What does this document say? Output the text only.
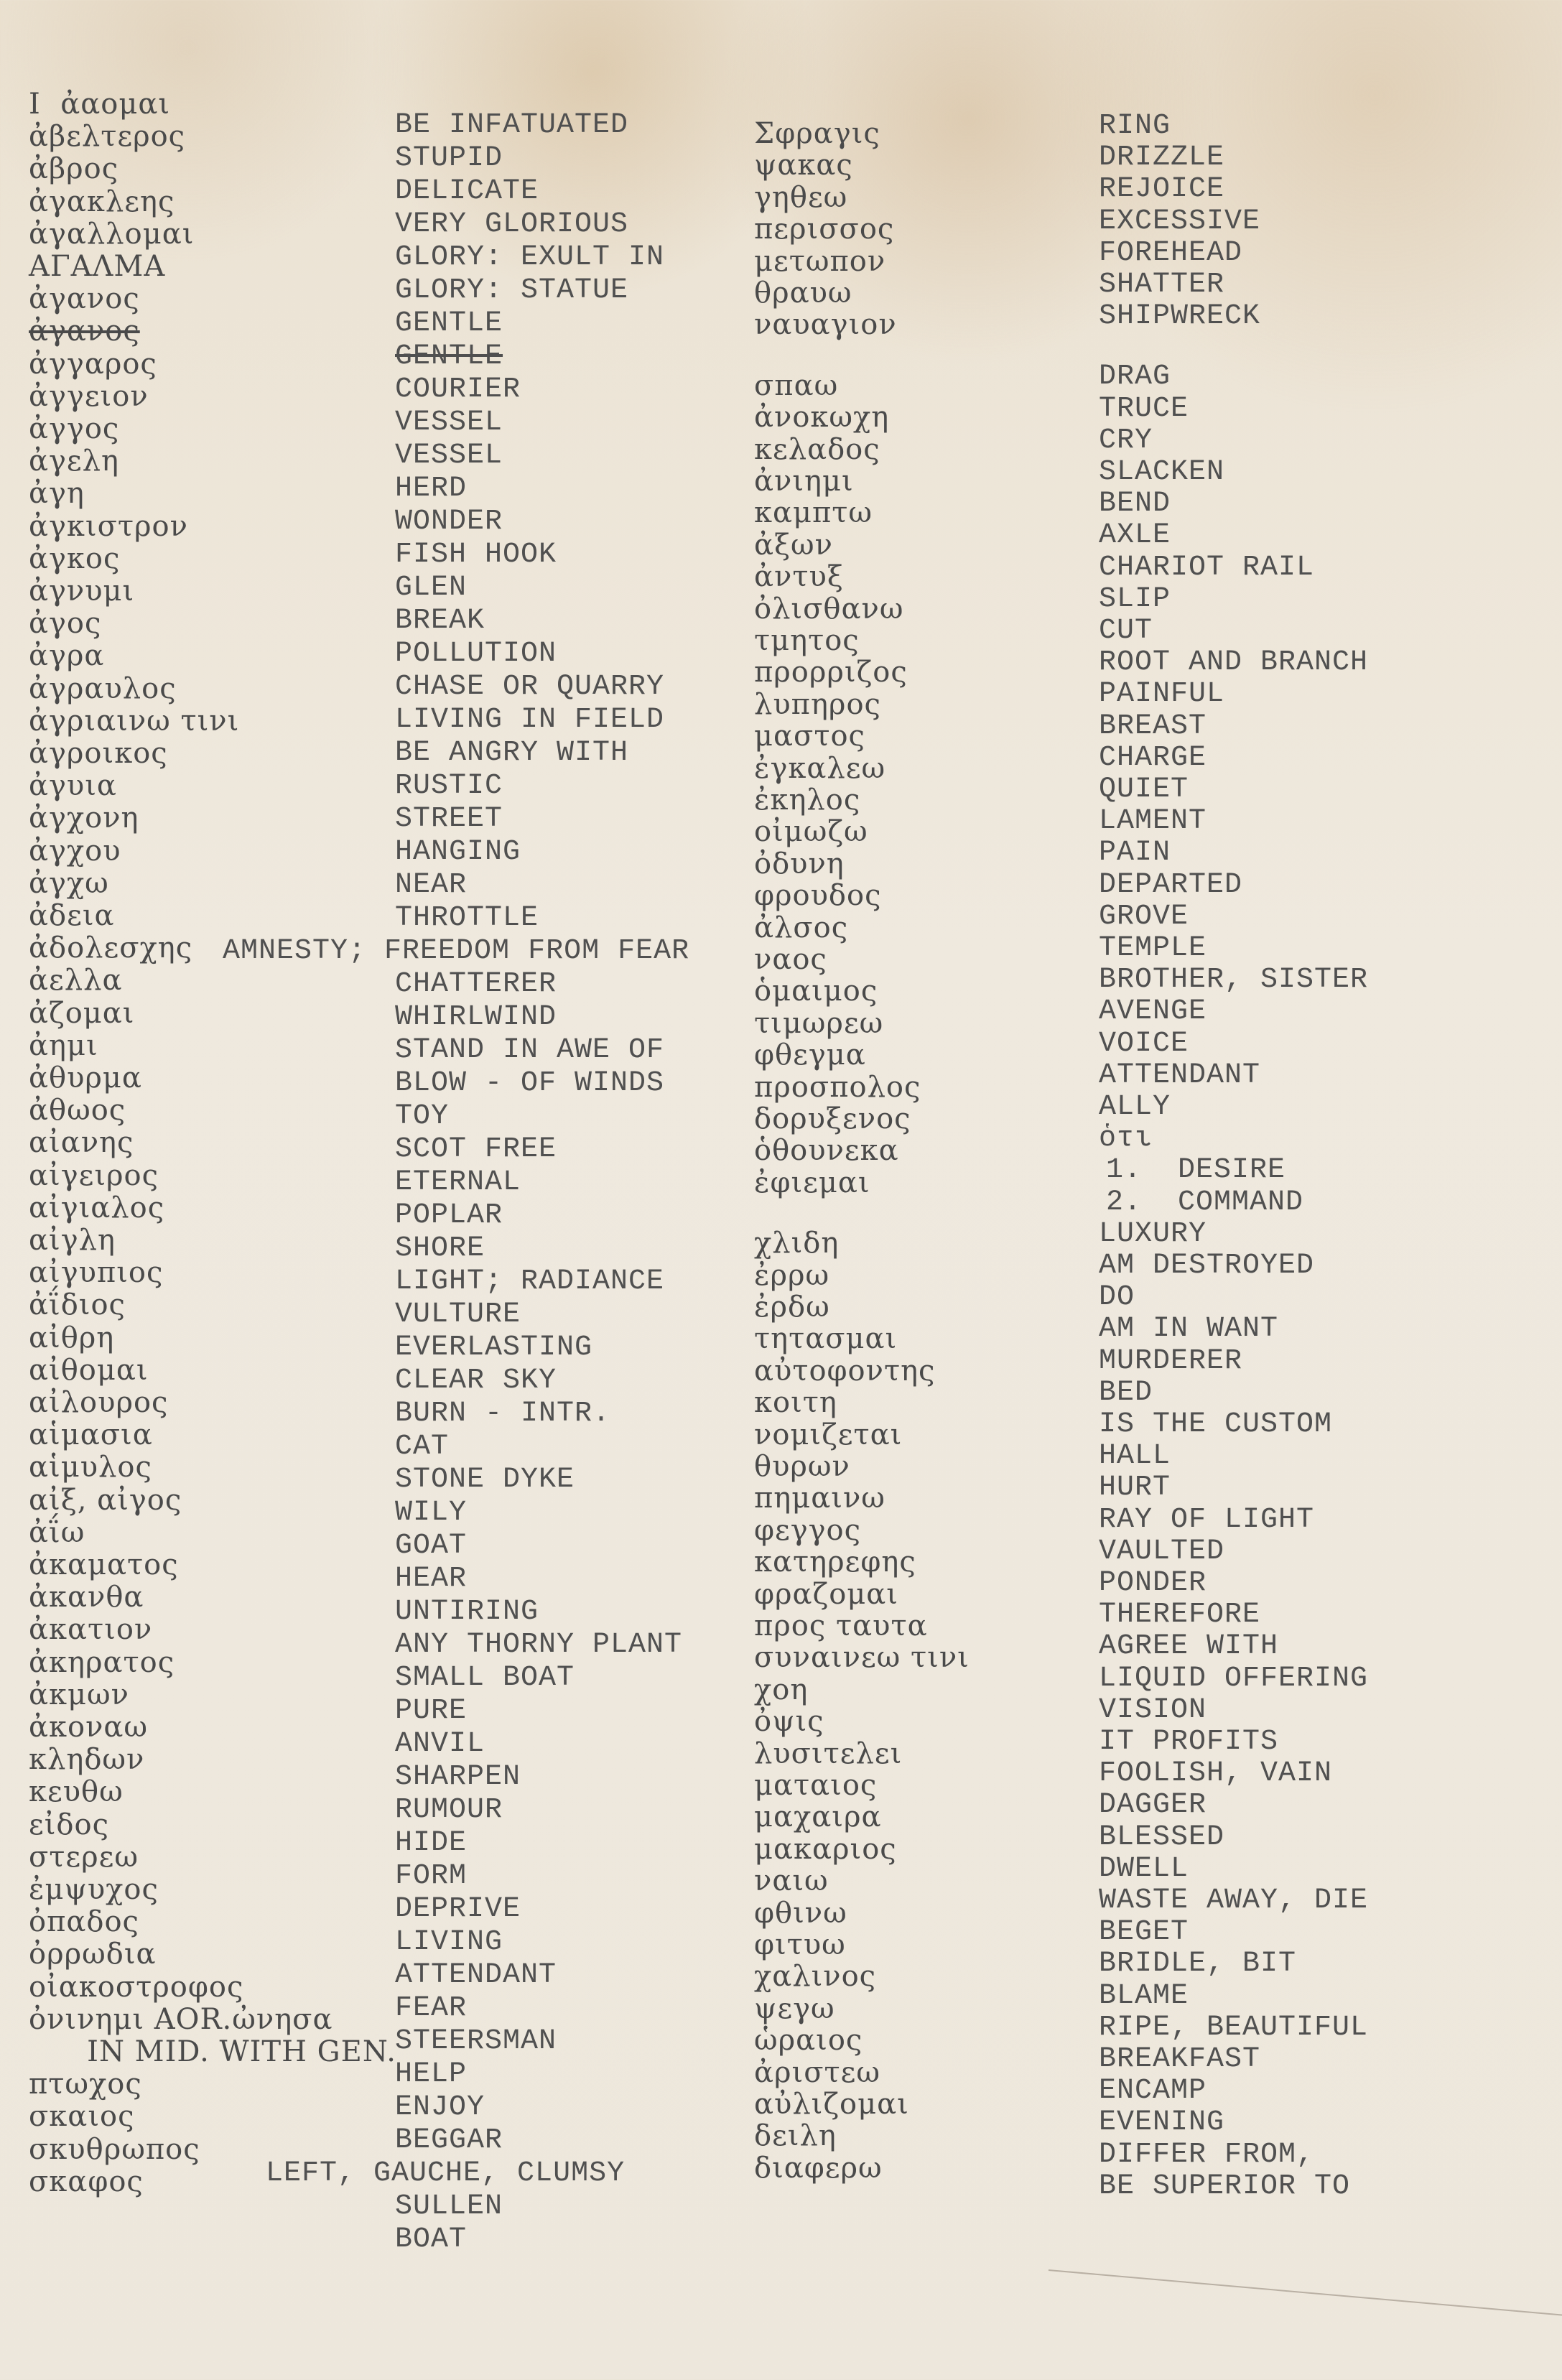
I  ἀαομαι
ἀβελτερος
ἀβρος
ἀγακλεης
ἀγαλλομαι
ΑΓΑΛΜΑ
ἀγανος
ἀγανος
ἀγγαρος
ἀγγειον
ἀγγος
ἀγελη
ἀγη
ἀγκιστρον
ἀγκος
ἀγνυμι
ἀγος
ἀγρα
ἀγραυλος
ἀγριαινω τινι
ἀγροικος
ἀγυια
ἀγχονη
ἀγχου
ἀγχω
ἀδεια
ἀδολεσχης
ἀελλα
ἀζομαι
ἀημι
ἀθυρμα
ἀθωος
αἰανης
αἰγειρος
αἰγιαλος
αἰγλη
αἰγυπιος
ἀΐδιος
αἰθρη
αἰθομαι
αἰλουρος
αἱμασια
αἱμυλος
αἰξ, αἰγος
ἀΐω
ἀκαματος
ἀκανθα
ἀκατιον
ἀκηρατος
ἀκμων
ἀκοναω
κληδων
κευθω
εἰδος
στερεω
ἐμψυχος
ὀπαδος
ὀρρωδια
οἰακοστροφος
ὀνινημι AOR.ὠνησα
IN MID. WITH GEN.
πτωχος
σκαιος
σκυθρωπος
σκαφος
BE INFATUATED
STUPID
DELICATE
VERY GLORIOUS
GLORY: EXULT IN
GLORY: STATUE
GENTLE
GENTLE
COURIER
VESSEL
VESSEL
HERD
WONDER
FISH HOOK
GLEN
BREAK
POLLUTION
CHASE OR QUARRY
LIVING IN FIELD
BE ANGRY WITH
RUSTIC
STREET
HANGING
NEAR
THROTTLE
AMNESTY; FREEDOM FROM FEAR
CHATTERER
WHIRLWIND
STAND IN AWE OF
BLOW - OF WINDS
TOY
SCOT FREE
ETERNAL
POPLAR
SHORE
LIGHT; RADIANCE
VULTURE
EVERLASTING
CLEAR SKY
BURN - INTR.
CAT
STONE DYKE
WILY
GOAT
HEAR
UNTIRING
ANY THORNY PLANT
SMALL BOAT
PURE
ANVIL
SHARPEN
RUMOUR
HIDE
FORM
DEPRIVE
LIVING
ATTENDANT
FEAR
STEERSMAN
HELP
ENJOY
BEGGAR
LEFT, GAUCHE, CLUMSY
SULLEN
BOAT
Σφραγις
ψακας
γηθεω
περισσος
μετωπον
θραυω
ναυαγιον
σπαω
ἀνοκωχη
κελαδος
ἀνιημι
καμπτω
ἀξων
ἀντυξ
ὀλισθανω
τμητος
προρριζος
λυπηρος
μαστος
ἐγκαλεω
ἐκηλος
οἰμωζω
ὀδυνη
φρουδος
ἀλσος
ναος
ὁμαιμος
τιμωρεω
φθεγμα
προσπολος
δορυξενος
ὁθουνεκα
ἐφιεμαι
χλιδη
ἐρρω
ἐρδω
τητασμαι
αὐτοφοντης
κοιτη
νομιζεται
θυρων
πημαινω
φεγγος
κατηρεφης
φραζομαι
προς ταυτα
συναινεω τινι
χοη
ὀψις
λυσιτελει
ματαιος
μαχαιρα
μακαριος
ναιω
φθινω
φιτυω
χαλινος
ψεγω
ὡραιος
ἀριστεω
αὐλιζομαι
δειλη
διαφερω
RING
DRIZZLE
REJOICE
EXCESSIVE
FOREHEAD
SHATTER
SHIPWRECK
DRAG
TRUCE
CRY
SLACKEN
BEND
AXLE
CHARIOT RAIL
SLIP
CUT
ROOT AND BRANCH
PAINFUL
BREAST
CHARGE
QUIET
LAMENT
PAIN
DEPARTED
GROVE
TEMPLE
BROTHER, SISTER
AVENGE
VOICE
ATTENDANT
ALLY
ὁτι
1.  DESIRE
2.  COMMAND
LUXURY
AM DESTROYED
DO
AM IN WANT
MURDERER
BED
IS THE CUSTOM
HALL
HURT
RAY OF LIGHT
VAULTED
PONDER
THEREFORE
AGREE WITH
LIQUID OFFERING
VISION
IT PROFITS
FOOLISH, VAIN
DAGGER
BLESSED
DWELL
WASTE AWAY, DIE
BEGET
BRIDLE, BIT
BLAME
RIPE, BEAUTIFUL
BREAKFAST
ENCAMP
EVENING
DIFFER FROM,
BE SUPERIOR TO
